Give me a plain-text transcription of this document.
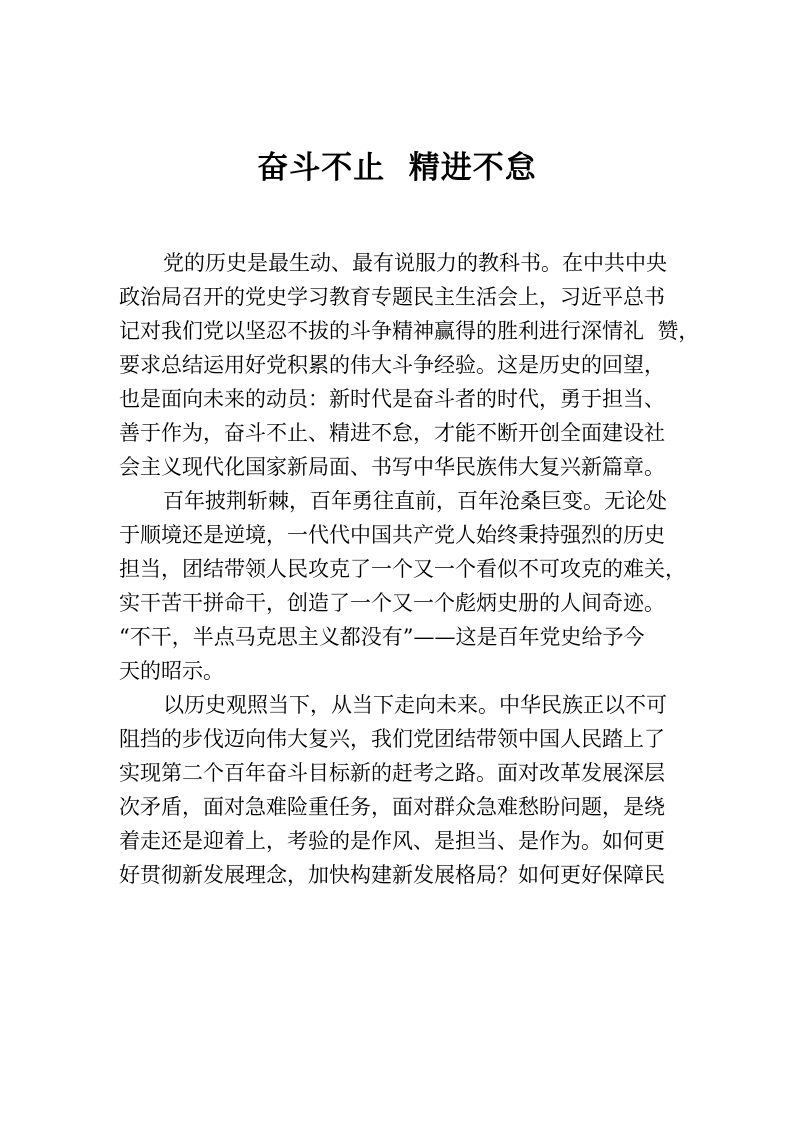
奋斗不止  精进不怠
党的历史是最生动、最有说服力的教科书。在中共中央
政治局召开的党史学习教育专题民主生活会上，习近平总书
记对我们党以坚忍不拔的斗争精神赢得的胜利进行深情礼  赞，
要求总结运用好党积累的伟大斗争经验。这是历史的回望，
也是面向未来的动员：新时代是奋斗者的时代，勇于担当、
善于作为，奋斗不止、精进不怠，才能不断开创全面建设社
会主义现代化国家新局面、书写中华民族伟大复兴新篇章。
百年披荆斩棘，百年勇往直前，百年沧桑巨变。无论处
于顺境还是逆境，一代代中国共产党人始终秉持强烈的历史
担当，团结带领人民攻克了一个又一个看似不可攻克的难关，
实干苦干拼命干，创造了一个又一个彪炳史册的人间奇迹。
“不干，半点马克思主义都没有”——这是百年党史给予今
天的昭示。
以历史观照当下，从当下走向未来。中华民族正以不可
阻挡的步伐迈向伟大复兴，我们党团结带领中国人民踏上了
实现第二个百年奋斗目标新的赶考之路。面对改革发展深层
次矛盾，面对急难险重任务，面对群众急难愁盼问题，是绕
着走还是迎着上，考验的是作风、是担当、是作为。如何更
好贯彻新发展理念，加快构建新发展格局？如何更好保障民
